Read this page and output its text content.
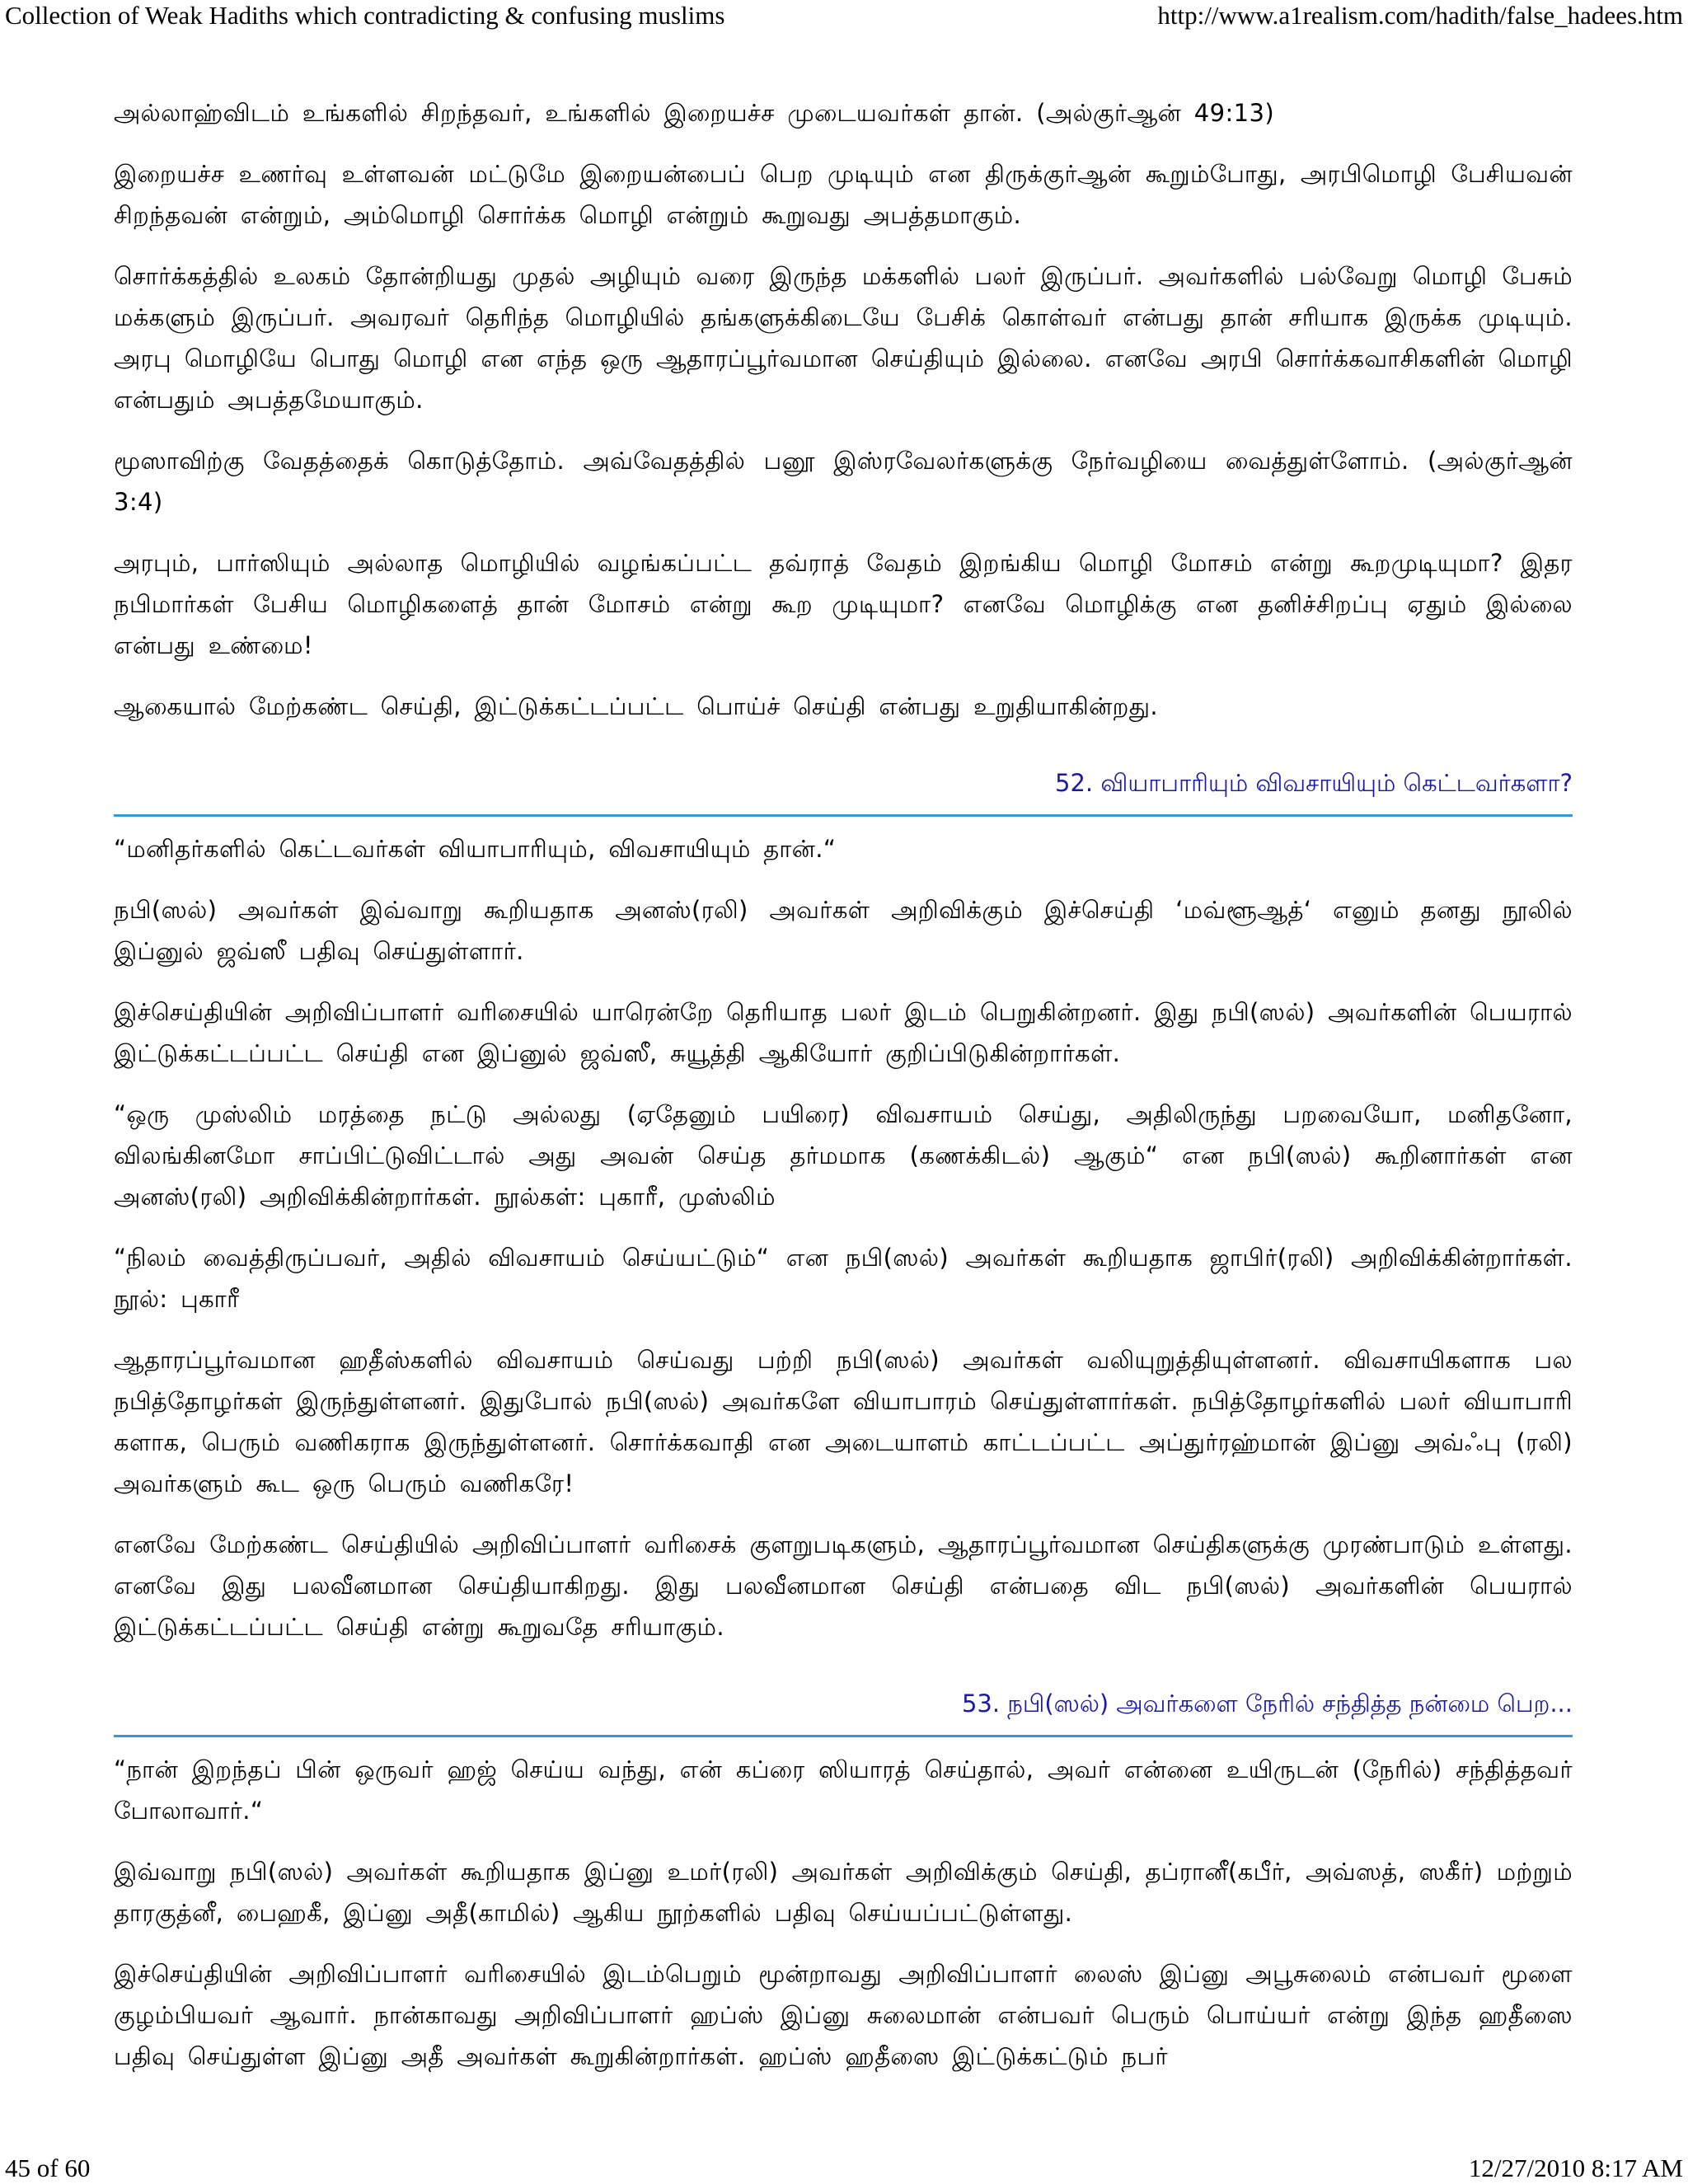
Collection of Weak Hadiths which contradicting & confusing muslims	http://www.a1realism.com/hadith/false_hadees.htm

அல்லாஹ்விடம் உங்களில் சிறந்தவர், உங்களில் இறையச்ச முடையவர்கள் தான். (அல்குர்ஆன் 49:13)

இறையச்ச உணர்வு உள்ளவன் மட்டுமே இறையன்பைப் பெற முடியும் என திருக்குர்ஆன் கூறும்போது, அரபிமொழி பேசியவன் சிறந்தவன் என்றும், அம்மொழி சொர்க்க மொழி என்றும் கூறுவது அபத்தமாகும்.

சொர்க்கத்தில் உலகம் தோன்றியது முதல் அழியும் வரை இருந்த மக்களில் பலர் இருப்பர். அவர்களில் பல்வேறு மொழி பேசும் மக்களும் இருப்பர். அவரவர் தெரிந்த மொழியில் தங்களுக்கிடையே பேசிக் கொள்வர் என்பது தான் சரியாக இருக்க முடியும். அரபு மொழியே பொது மொழி என எந்த ஒரு ஆதாரப்பூர்வமான செய்தியும் இல்லை. எனவே அரபி சொர்க்கவாசிகளின் மொழி என்பதும் அபத்தமேயாகும்.

மூஸாவிற்கு வேதத்தைக் கொடுத்தோம். அவ்வேதத்தில் பனூ இஸ்ரவேலர்களுக்கு நேர்வழியை வைத்துள்ளோம். (அல்குர்ஆன் 3:4)

அரபும், பார்ஸியும் அல்லாத மொழியில் வழங்கப்பட்ட தவ்ராத் வேதம் இறங்கிய மொழி மோசம் என்று கூறமுடியுமா? இதர நபிமார்கள் பேசிய மொழிகளைத் தான் மோசம் என்று கூற முடியுமா? எனவே மொழிக்கு என தனிச்சிறப்பு ஏதும் இல்லை என்பது உண்மை!

ஆகையால் மேற்கண்ட செய்தி, இட்டுக்கட்டப்பட்ட பொய்ச் செய்தி என்பது உறுதியாகின்றது.

52. வியாபாரியும் விவசாயியும் கெட்டவர்களா?

“மனிதர்களில் கெட்டவர்கள் வியாபாரியும், விவசாயியும் தான்.“

நபி(ஸல்) அவர்கள் இவ்வாறு கூறியதாக அனஸ்(ரலி) அவர்கள் அறிவிக்கும் இச்செய்தி ‘மவ்ளூஆத்‘ எனும் தனது நூலில் இப்னுல் ஜவ்ஸீ பதிவு செய்துள்ளார்.

இச்செய்தியின் அறிவிப்பாளர் வரிசையில் யாரென்றே தெரியாத பலர் இடம் பெறுகின்றனர். இது நபி(ஸல்) அவர்களின் பெயரால் இட்டுக்கட்டப்பட்ட செய்தி என இப்னுல் ஜவ்ஸீ, சுயூத்தி ஆகியோர் குறிப்பிடுகின்றார்கள்.

“ஒரு முஸ்லிம் மரத்தை நட்டு அல்லது (ஏதேனும் பயிரை) விவசாயம் செய்து, அதிலிருந்து பறவையோ, மனிதனோ, விலங்கினமோ சாப்பிட்டுவிட்டால் அது அவன் செய்த தர்மமாக (கணக்கிடல்) ஆகும்“ என நபி(ஸல்) கூறினார்கள் என அனஸ்(ரலி) அறிவிக்கின்றார்கள். நூல்கள்: புகாரீ, முஸ்லிம்

“நிலம் வைத்திருப்பவர், அதில் விவசாயம் செய்யட்டும்“ என நபி(ஸல்) அவர்கள் கூறியதாக ஜாபிர்(ரலி) அறிவிக்கின்றார்கள். நூல்: புகாரீ

ஆதாரப்பூர்வமான ஹதீஸ்களில் விவசாயம் செய்வது பற்றி நபி(ஸல்) அவர்கள் வலியுறுத்தியுள்ளனர். விவசாயிகளாக பல நபித்தோழர்கள் இருந்துள்ளனர். இதுபோல் நபி(ஸல்) அவர்களே வியாபாரம் செய்துள்ளார்கள். நபித்தோழர்களில் பலர் வியாபாரி களாக, பெரும் வணிகராக இருந்துள்ளனர். சொர்க்கவாதி என அடையாளம் காட்டப்பட்ட அப்துர்ரஹ்மான் இப்னு அவ்ஃபு (ரலி) அவர்களும் கூட ஒரு பெரும் வணிகரே!

எனவே மேற்கண்ட செய்தியில் அறிவிப்பாளர் வரிசைக் குளறுபடிகளும், ஆதாரப்பூர்வமான செய்திகளுக்கு முரண்பாடும் உள்ளது. எனவே இது பலவீனமான செய்தியாகிறது. இது பலவீனமான செய்தி என்பதை விட நபி(ஸல்) அவர்களின் பெயரால் இட்டுக்கட்டப்பட்ட செய்தி என்று கூறுவதே சரியாகும்.

53. நபி(ஸல்) அவர்களை நேரில் சந்தித்த நன்மை பெற...

“நான் இறந்தப் பின் ஒருவர் ஹஜ் செய்ய வந்து, என் கப்ரை ஸியாரத் செய்தால், அவர் என்னை உயிருடன் (நேரில்) சந்தித்தவர் போலாவார்.“

இவ்வாறு நபி(ஸல்) அவர்கள் கூறியதாக இப்னு உமர்(ரலி) அவர்கள் அறிவிக்கும் செய்தி, தப்ரானீ(கபீர், அவ்ஸத், ஸகீர்) மற்றும் தாரகுத்னீ, பைஹகீ, இப்னு அதீ(காமில்) ஆகிய நூற்களில் பதிவு செய்யப்பட்டுள்ளது.

இச்செய்தியின் அறிவிப்பாளர் வரிசையில் இடம்பெறும் மூன்றாவது அறிவிப்பாளர் லைஸ் இப்னு அபூசுலைம் என்பவர் மூளை குழம்பியவர் ஆவார். நான்காவது அறிவிப்பாளர் ஹப்ஸ் இப்னு சுலைமான் என்பவர் பெரும் பொய்யர் என்று இந்த ஹதீஸை பதிவு செய்துள்ள இப்னு அதீ அவர்கள் கூறுகின்றார்கள். ஹப்ஸ் ஹதீஸை இட்டுக்கட்டும் நபர்

45 of 60	12/27/2010 8:17 AM
